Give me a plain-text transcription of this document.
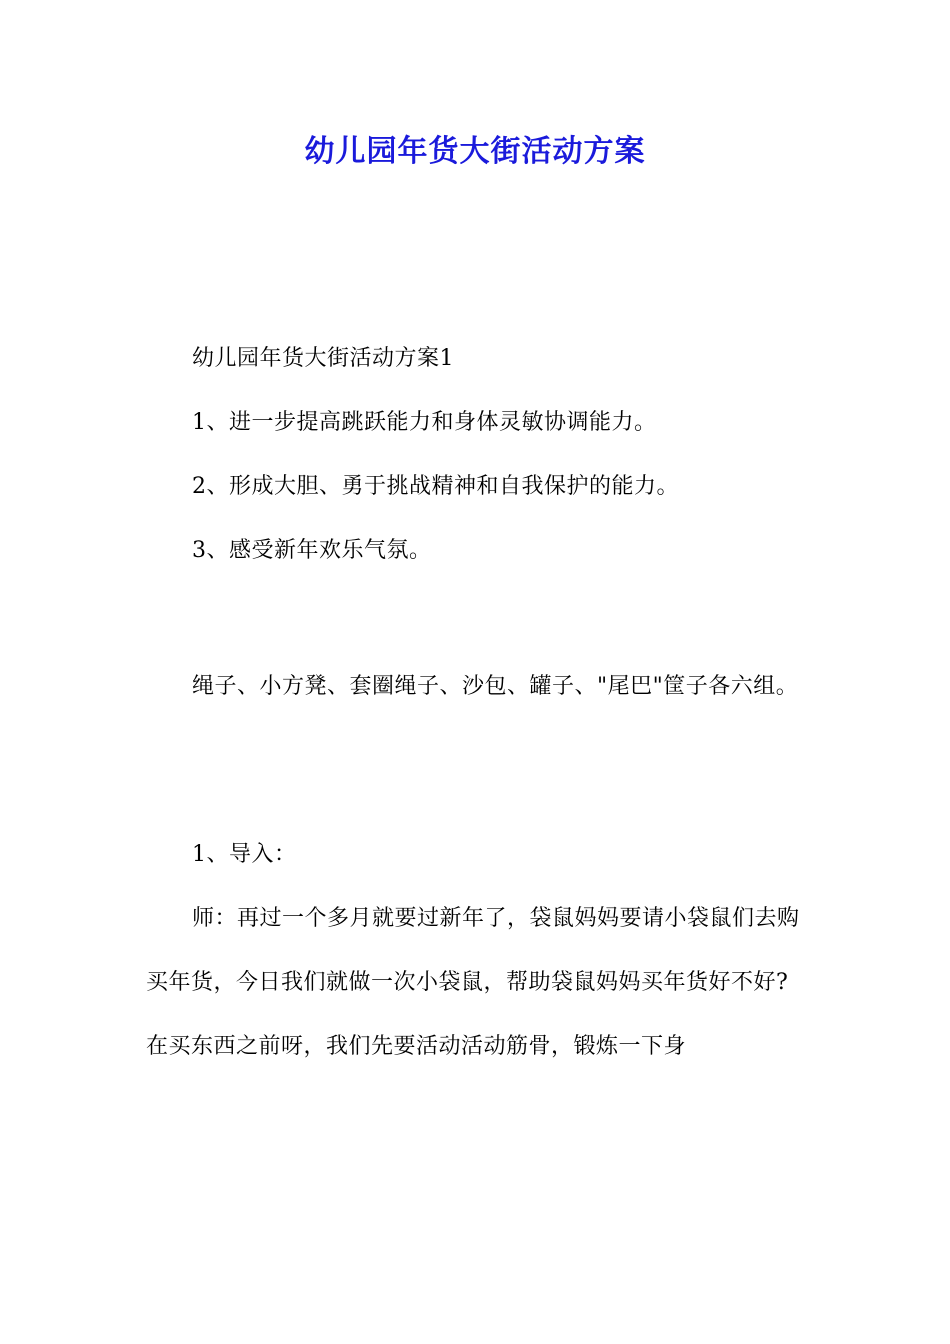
幼儿园年货大街活动方案

幼儿园年货大街活动方案1

1、进一步提高跳跃能力和身体灵敏协调能力。

2、形成大胆、勇于挑战精神和自我保护的能力。

3、感受新年欢乐气氛。

绳子、小方凳、套圈绳子、沙包、罐子、"尾巴"筐子各六组。

1、导入：

师：再过一个多月就要过新年了，袋鼠妈妈要请小袋鼠们去购买年货，今日我们就做一次小袋鼠，帮助袋鼠妈妈买年货好不好?在买东西之前呀，我们先要活动活动筋骨，锻炼一下身
